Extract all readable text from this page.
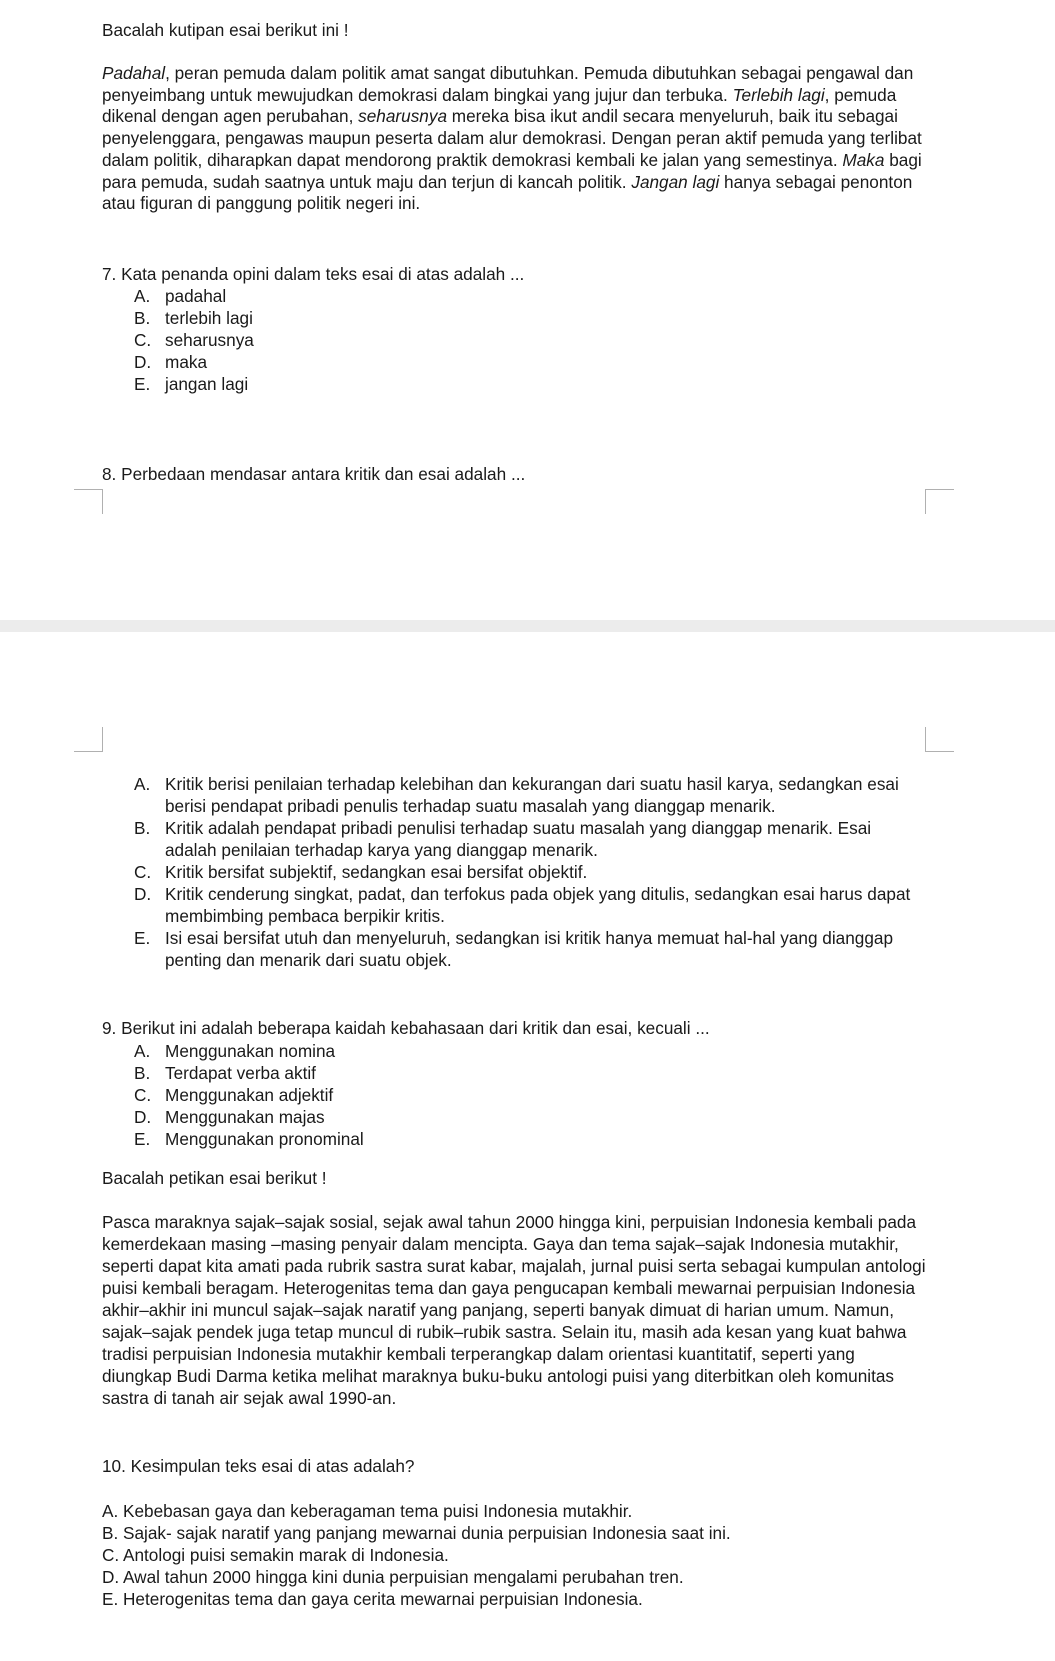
Bacalah kutipan esai berikut ini !

Padahal, peran pemuda dalam politik amat sangat dibutuhkan. Pemuda dibutuhkan sebagai pengawal dan penyeimbang untuk mewujudkan demokrasi dalam bingkai yang jujur dan terbuka. Terlebih lagi, pemuda dikenal dengan agen perubahan, seharusnya mereka bisa ikut andil secara menyeluruh, baik itu sebagai penyelenggara, pengawas maupun peserta dalam alur demokrasi. Dengan peran aktif pemuda yang terlibat dalam politik, diharapkan dapat mendorong praktik demokrasi kembali ke jalan yang semestinya. Maka bagi para pemuda, sudah saatnya untuk maju dan terjun di kancah politik. Jangan lagi hanya sebagai penonton atau figuran di panggung politik negeri ini.

7. Kata penanda opini dalam teks esai di atas adalah ...
A. padahal
B. terlebih lagi
C. seharusnya
D. maka
E. jangan lagi
8. Perbedaan mendasar antara kritik dan esai adalah ...
A. Kritik berisi penilaian terhadap kelebihan dan kekurangan dari suatu hasil karya, sedangkan esai berisi pendapat pribadi penulis terhadap suatu masalah yang dianggap menarik.
B. Kritik adalah pendapat pribadi penulisi terhadap suatu masalah yang dianggap menarik. Esai adalah penilaian terhadap karya yang dianggap menarik.
C. Kritik bersifat subjektif, sedangkan esai bersifat objektif.
D. Kritik cenderung singkat, padat, dan terfokus pada objek yang ditulis, sedangkan esai harus dapat membimbing pembaca berpikir kritis.
E. Isi esai bersifat utuh dan menyeluruh, sedangkan isi kritik hanya memuat hal-hal yang dianggap penting dan menarik dari suatu objek.
9. Berikut ini adalah beberapa kaidah kebahasaan dari kritik dan esai, kecuali ...
A. Menggunakan nomina
B. Terdapat verba aktif
C. Menggunakan adjektif
D. Menggunakan majas
E. Menggunakan pronominal
Bacalah petikan esai berikut !

Pasca maraknya sajak–sajak sosial, sejak awal tahun 2000 hingga kini, perpuisian Indonesia kembali pada kemerdekaan masing –masing penyair dalam mencipta. Gaya dan tema sajak–sajak Indonesia mutakhir, seperti dapat kita amati pada rubrik sastra surat kabar, majalah, jurnal puisi serta sebagai kumpulan antologi puisi kembali beragam. Heterogenitas tema dan gaya pengucapan kembali mewarnai perpuisian Indonesia akhir–akhir ini muncul sajak–sajak naratif yang panjang, seperti banyak dimuat di harian umum. Namun, sajak–sajak pendek juga tetap muncul di rubik–rubik sastra. Selain itu, masih ada kesan yang kuat bahwa tradisi perpuisian Indonesia mutakhir kembali terperangkap dalam orientasi kuantitatif, seperti yang diungkap Budi Darma ketika melihat maraknya buku-buku antologi puisi yang diterbitkan oleh komunitas sastra di tanah air sejak awal 1990-an.

10. Kesimpulan teks esai di atas adalah?
A. Kebebasan gaya dan keberagaman tema puisi Indonesia mutakhir.
B. Sajak- sajak naratif yang panjang mewarnai dunia perpuisian Indonesia saat ini.
C. Antologi puisi semakin marak di Indonesia.
D. Awal tahun 2000 hingga kini dunia perpuisian mengalami perubahan tren.
E. Heterogenitas tema dan gaya cerita mewarnai perpuisian Indonesia.
